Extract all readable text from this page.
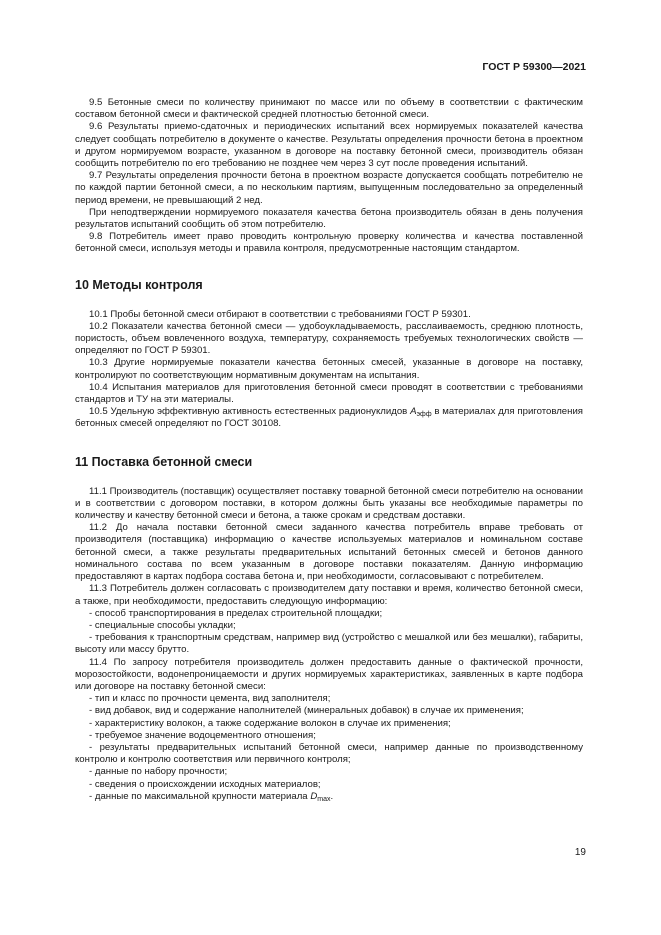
ГОСТ Р 59300—2021

9.5 Бетонные смеси по количеству принимают по массе или по объему в соответствии с фактическим составом бетонной смеси и фактической средней плотностью бетонной смеси.

9.6 Результаты приемо-сдаточных и периодических испытаний всех нормируемых показателей качества следует сообщать потребителю в документе о качестве. Результаты определения прочности бетона в проектном и другом нормируемом возрасте, указанном в договоре на поставку бетонной смеси, производитель обязан сообщить потребителю по его требованию не позднее чем через 3 сут после проведения испытаний.

9.7 Результаты определения прочности бетона в проектном возрасте допускается сообщать потребителю не по каждой партии бетонной смеси, а по нескольким партиям, выпущенным последовательно за определенный период времени, не превышающий 2 нед.

При неподтверждении нормируемого показателя качества бетона производитель обязан в день получения результатов испытаний сообщить об этом потребителю.

9.8 Потребитель имеет право проводить контрольную проверку количества и качества поставленной бетонной смеси, используя методы и правила контроля, предусмотренные настоящим стандартом.

10 Методы контроля

10.1 Пробы бетонной смеси отбирают в соответствии с требованиями ГОСТ Р 59301.

10.2 Показатели качества бетонной смеси — удобоукладываемость, расслаиваемость, среднюю плотность, пористость, объем вовлеченного воздуха, температуру, сохраняемость требуемых технологических свойств — определяют по ГОСТ Р 59301.

10.3 Другие нормируемые показатели качества бетонных смесей, указанные в договоре на поставку, контролируют по соответствующим нормативным документам на испытания.

10.4 Испытания материалов для приготовления бетонной смеси проводят в соответствии с требованиями стандартов и ТУ на эти материалы.

10.5 Удельную эффективную активность естественных радионуклидов $A_{эфф}$ в материалах для приготовления бетонных смесей определяют по ГОСТ 30108.

11 Поставка бетонной смеси

11.1 Производитель (поставщик) осуществляет поставку товарной бетонной смеси потребителю на основании и в соответствии с договором поставки, в котором должны быть указаны все необходимые параметры по количеству и качеству бетонной смеси и бетона, а также срокам и средствам доставки.

11.2 До начала поставки бетонной смеси заданного качества потребитель вправе требовать от производителя (поставщика) информацию о качестве используемых материалов и номинальном составе бетонной смеси, а также результаты предварительных испытаний бетонных смесей и бетонов данного номинального состава по всем указанным в договоре поставки показателям. Данную информацию предоставляют в картах подбора состава бетона и, при необходимости, согласовывают с потребителем.

11.3 Потребитель должен согласовать с производителем дату поставки и время, количество бетонной смеси, а также, при необходимости, предоставить следующую информацию:

- способ транспортирования в пределах строительной площадки;

- специальные способы укладки;

- требования к транспортным средствам, например вид (устройство с мешалкой или без мешалки), габариты, высоту или массу брутто.

11.4 По запросу потребителя производитель должен предоставить данные о фактической прочности, морозостойкости, водонепроницаемости и других нормируемых характеристиках, заявленных в карте подбора или договоре на поставку бетонной смеси:

- тип и класс по прочности цемента, вид заполнителя;

- вид добавок, вид и содержание наполнителей (минеральных добавок) в случае их применения;

- характеристику волокон, а также содержание волокон в случае их применения;

- требуемое значение водоцементного отношения;

- результаты предварительных испытаний бетонной смеси, например данные по производственному контролю и контролю соответствия или первичного контроля;

- данные по набору прочности;

- сведения о происхождении исходных материалов;

- данные по максимальной крупности материала $D_{max}$.

19
